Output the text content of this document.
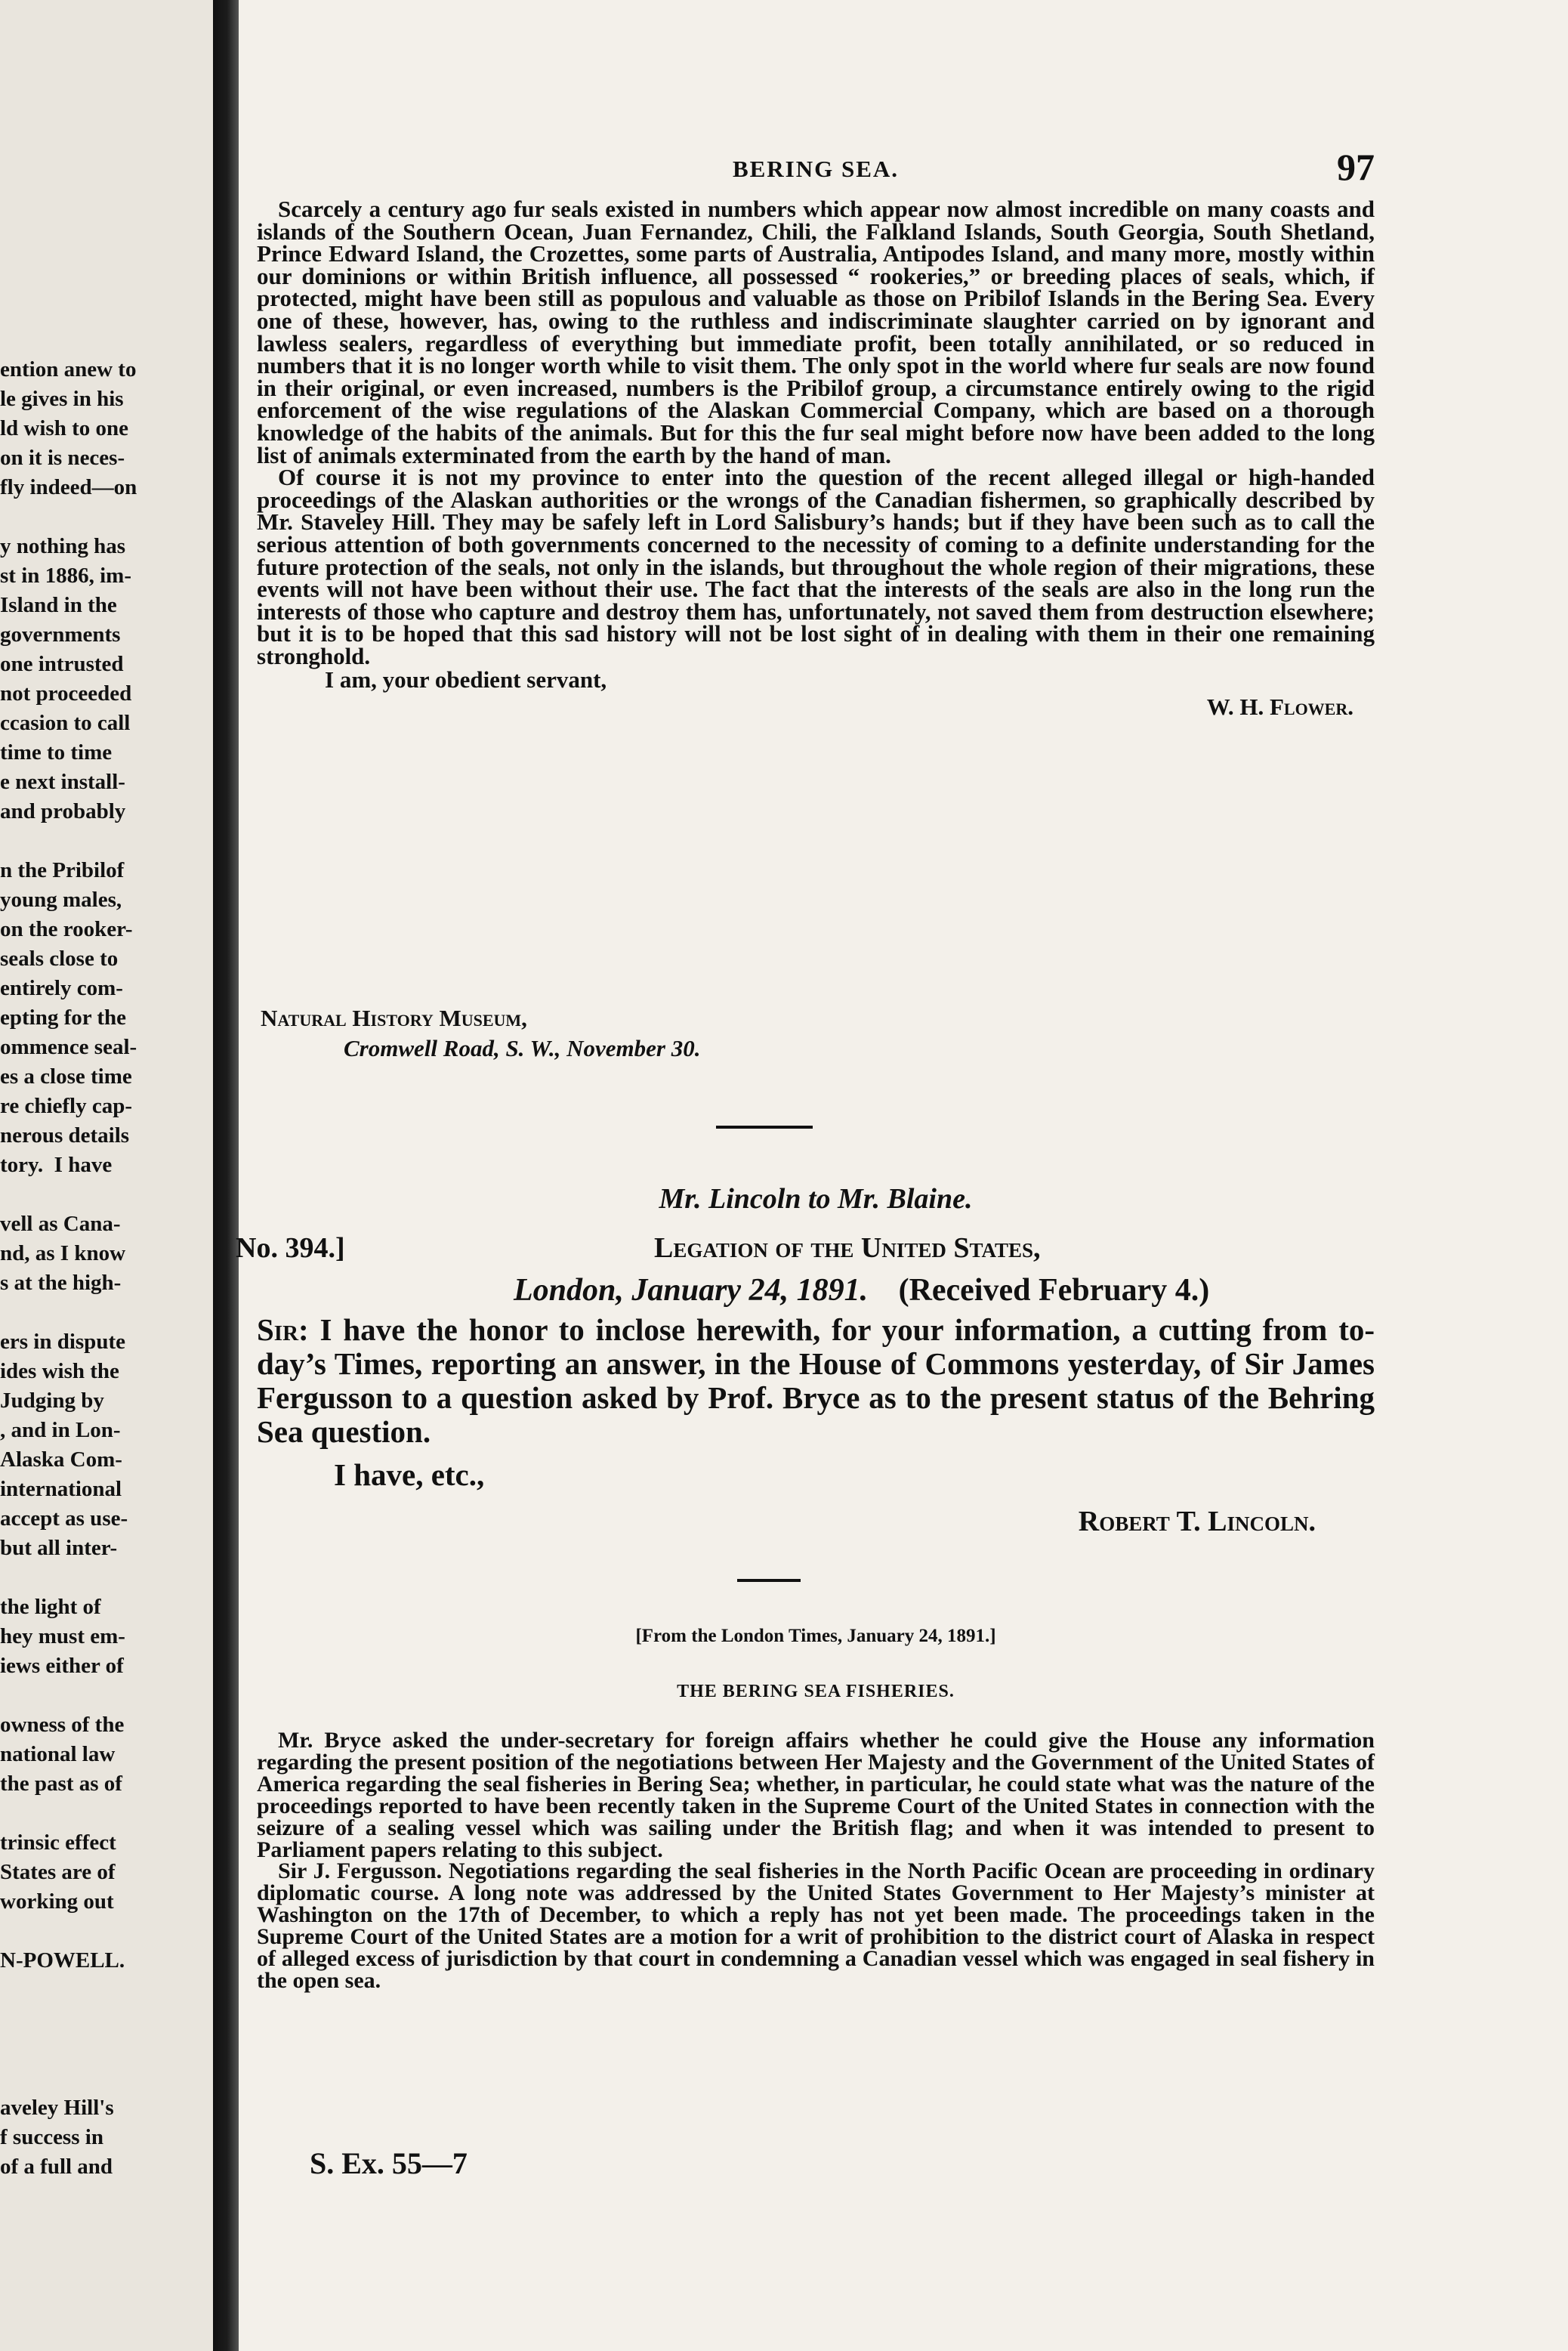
ention anew to
le gives in his
ld wish to one
on it is neces-
fly indeed—on

y nothing has
st in 1886, im-
Island in the
governments
one intrusted
not proceeded
ccasion to call
time to time
e next install-
and probably

n the Pribilof
young males,
on the rooker-
seals close to
entirely com-
epting for the
ommence seal-
es a close time
re chiefly cap-
nerous details
tory.  I have

vell as Cana-
nd, as I know
s at the high-

ers in dispute
ides wish the
Judging by
, and in Lon-
Alaska Com-
international
accept as use-
but all inter-

the light of
hey must em-
iews either of

owness of the
national law
the past as of

trinsic effect
States are of
working out

N-POWELL.

aveley Hill's
f success in
of a full and
BERING SEA.	97

Scarcely a century ago fur seals existed in numbers which appear now almost incredible on many coasts and islands of the Southern Ocean, Juan Fernandez, Chili, the Falkland Islands, South Georgia, South Shetland, Prince Edward Island, the Crozettes, some parts of Australia, Antipodes Island, and many more, mostly within our dominions or within British influence, all possessed “ rookeries,” or breeding places of seals, which, if protected, might have been still as populous and valuable as those on Pribilof Islands in the Bering Sea. Every one of these, however, has, owing to the ruthless and indiscriminate slaughter carried on by ignorant and lawless sealers, regardless of everything but immediate profit, been totally annihilated, or so reduced in numbers that it is no longer worth while to visit them. The only spot in the world where fur seals are now found in their original, or even increased, numbers is the Pribilof group, a circumstance entirely owing to the rigid enforcement of the wise regulations of the Alaskan Commercial Company, which are based on a thorough knowledge of the habits of the animals. But for this the fur seal might before now have been added to the long list of animals exterminated from the earth by the hand of man.

Of course it is not my province to enter into the question of the recent alleged illegal or high-handed proceedings of the Alaskan authorities or the wrongs of the Canadian fishermen, so graphically described by Mr. Staveley Hill. They may be safely left in Lord Salisbury’s hands; but if they have been such as to call the serious attention of both governments concerned to the necessity of coming to a definite understanding for the future protection of the seals, not only in the islands, but throughout the whole region of their migrations, these events will not have been without their use. The fact that the interests of the seals are also in the long run the interests of those who capture and destroy them has, unfortunately, not saved them from destruction elsewhere; but it is to be hoped that this sad history will not be lost sight of in dealing with them in their one remaining stronghold.

I am, your obedient servant,

W. H. Flower.

Natural History Museum,
Cromwell Road, S. W., November 30.
Mr. Lincoln to Mr. Blaine.
No. 394.]	Legation of the United States,
London, January 24, 1891. (Received February 4.)

Sir: I have the honor to inclose herewith, for your information, a cutting from to-day’s Times, reporting an answer, in the House of Commons yesterday, of Sir James Fergusson to a question asked by Prof. Bryce as to the present status of the Behring Sea question.

I have, etc.,
Robert T. Lincoln.
[From the London Times, January 24, 1891.]
THE BERING SEA FISHERIES.

Mr. Bryce asked the under-secretary for foreign affairs whether he could give the House any information regarding the present position of the negotiations between Her Majesty and the Government of the United States of America regarding the seal fisheries in Bering Sea; whether, in particular, he could state what was the nature of the proceedings reported to have been recently taken in the Supreme Court of the United States in connection with the seizure of a sealing vessel which was sailing under the British flag; and when it was intended to present to Parliament papers relating to this subject.

Sir J. Fergusson. Negotiations regarding the seal fisheries in the North Pacific Ocean are proceeding in ordinary diplomatic course. A long note was addressed by the United States Government to Her Majesty’s minister at Washington on the 17th of December, to which a reply has not yet been made. The proceedings taken in the Supreme Court of the United States are a motion for a writ of prohibition to the district court of Alaska in respect of alleged excess of jurisdiction by that court in condemning a Canadian vessel which was engaged in seal fishery in the open sea.

S. Ex. 55—7
